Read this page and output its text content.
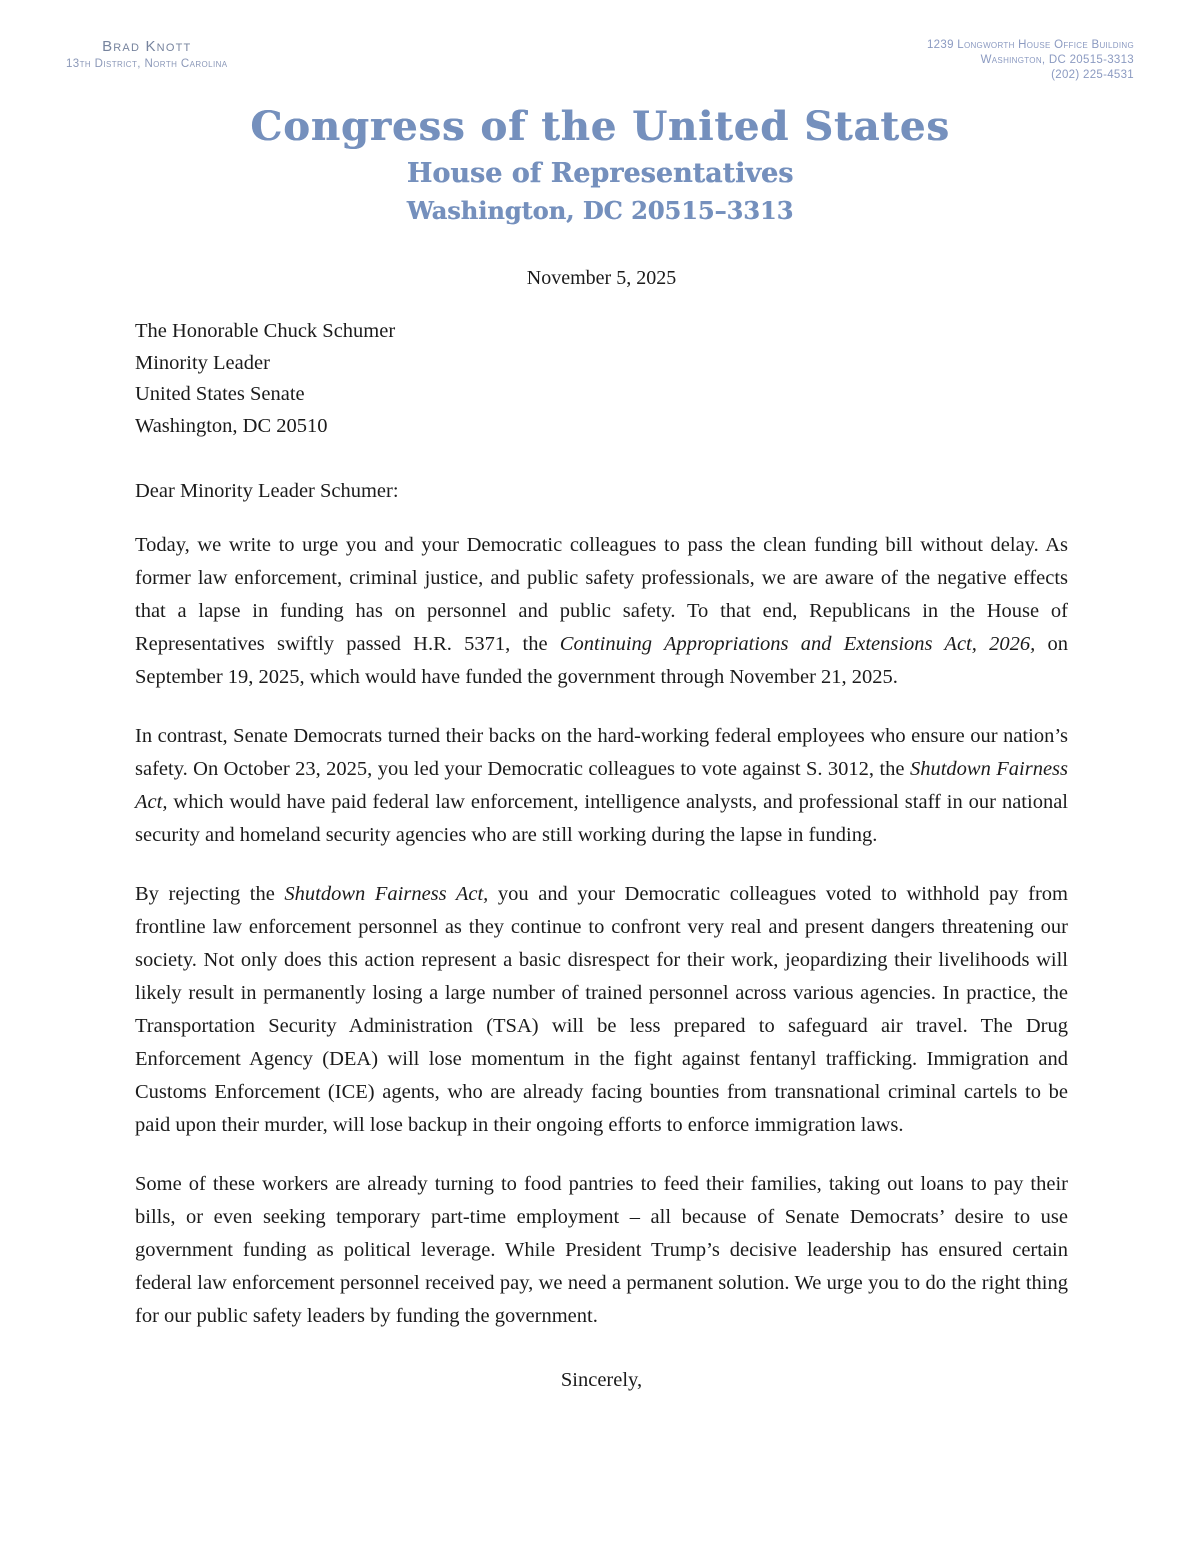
Brad Knott
13th District, North Carolina
1239 Longworth House Office Building
Washington, DC 20515-3313
(202) 225-4531
Congress of the United States
House of Representatives
Washington, DC 20515–3313
November 5, 2025
The Honorable Chuck Schumer
Minority Leader
United States Senate
Washington, DC 20510
Dear Minority Leader Schumer:

Today, we write to urge you and your Democratic colleagues to pass the clean funding bill without delay. As former law enforcement, criminal justice, and public safety professionals, we are aware of the negative effects that a lapse in funding has on personnel and public safety. To that end, Republicans in the House of Representatives swiftly passed H.R. 5371, the Continuing Appropriations and Extensions Act, 2026, on September 19, 2025, which would have funded the government through November 21, 2025.

In contrast, Senate Democrats turned their backs on the hard-working federal employees who ensure our nation’s safety. On October 23, 2025, you led your Democratic colleagues to vote against S. 3012, the Shutdown Fairness Act, which would have paid federal law enforcement, intelligence analysts, and professional staff in our national security and homeland security agencies who are still working during the lapse in funding.

By rejecting the Shutdown Fairness Act, you and your Democratic colleagues voted to withhold pay from frontline law enforcement personnel as they continue to confront very real and present dangers threatening our society. Not only does this action represent a basic disrespect for their work, jeopardizing their livelihoods will likely result in permanently losing a large number of trained personnel across various agencies. In practice, the Transportation Security Administration (TSA) will be less prepared to safeguard air travel. The Drug Enforcement Agency (DEA) will lose momentum in the fight against fentanyl trafficking. Immigration and Customs Enforcement (ICE) agents, who are already facing bounties from transnational criminal cartels to be paid upon their murder, will lose backup in their ongoing efforts to enforce immigration laws.

Some of these workers are already turning to food pantries to feed their families, taking out loans to pay their bills, or even seeking temporary part-time employment – all because of Senate Democrats’ desire to use government funding as political leverage. While President Trump’s decisive leadership has ensured certain federal law enforcement personnel received pay, we need a permanent solution. We urge you to do the right thing for our public safety leaders by funding the government.

Sincerely,
